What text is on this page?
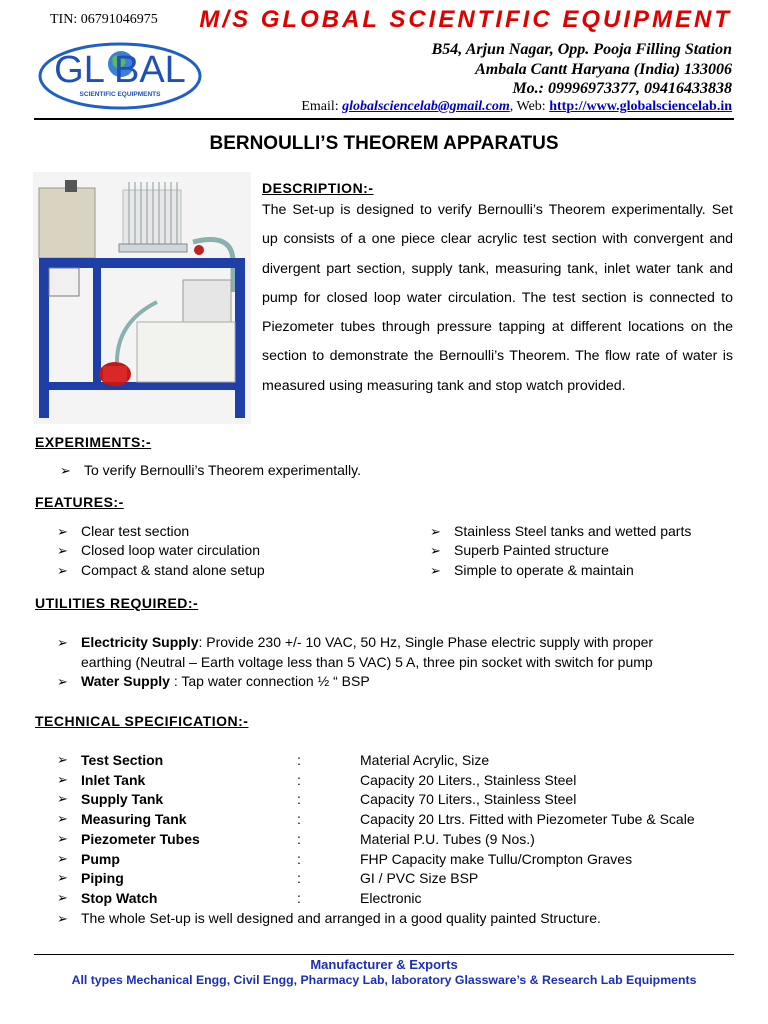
TIN: 06791046975 M/S GLOBAL SCIENTIFIC EQUIPMENT
GL BAL
SCIENTIFIC EQUIPMENTS
B54, Arjun Nagar, Opp. Pooja Filling Station
Ambala Cantt Haryana (India) 133006
Mo.: 09996973377, 09416433838
Email: globalsciencelab@gmail.com, Web: http://www.globalsciencelab.in
BERNOULLI’S THEOREM APPARATUS
DESCRIPTION:-
The Set-up is designed to verify Bernoulli’s Theorem experimentally. Set up consists of a one piece clear acrylic test section with convergent and divergent part section, supply tank, measuring tank, inlet water tank and pump for closed loop water circulation. The test section is connected to Piezometer tubes through pressure tapping at different locations on the section to demonstrate the Bernoulli’s Theorem. The flow rate of water is
measured using measuring tank and stop watch provided.
EXPERIMENTS:-
➢ To verify Bernoulli’s Theorem experimentally.
FEATURES:-
➢ Clear test section
➢ Closed loop water circulation
➢ Compact & stand alone setup
➢ Stainless Steel tanks and wetted parts
➢ Superb Painted structure
➢ Simple to operate & maintain
UTILITIES REQUIRED:-
➢ Electricity Supply: Provide 230 +/- 10 VAC, 50 Hz, Single Phase electric supply with proper
earthing (Neutral – Earth voltage less than 5 VAC) 5 A, three pin socket with switch for pump
➢ Water Supply : Tap water connection ½ “ BSP
TECHNICAL SPECIFICATION:-
➢ Test Section	:	Material Acrylic, Size
➢ Inlet Tank	:	Capacity 20 Liters., Stainless Steel
➢ Supply Tank	:	Capacity 70 Liters., Stainless Steel
➢ Measuring Tank	:	Capacity 20 Ltrs. Fitted with Piezometer Tube & Scale
➢ Piezometer Tubes	:	Material P.U. Tubes (9 Nos.)
➢ Pump	:	FHP Capacity make Tullu/Crompton Graves
➢ Piping	:	GI / PVC Size BSP
➢ Stop Watch	:	Electronic
➢ The whole Set-up is well designed and arranged in a good quality painted Structure.
Manufacturer & Exports
All types Mechanical Engg, Civil Engg, Pharmacy Lab, laboratory Glassware’s & Research Lab Equipments
